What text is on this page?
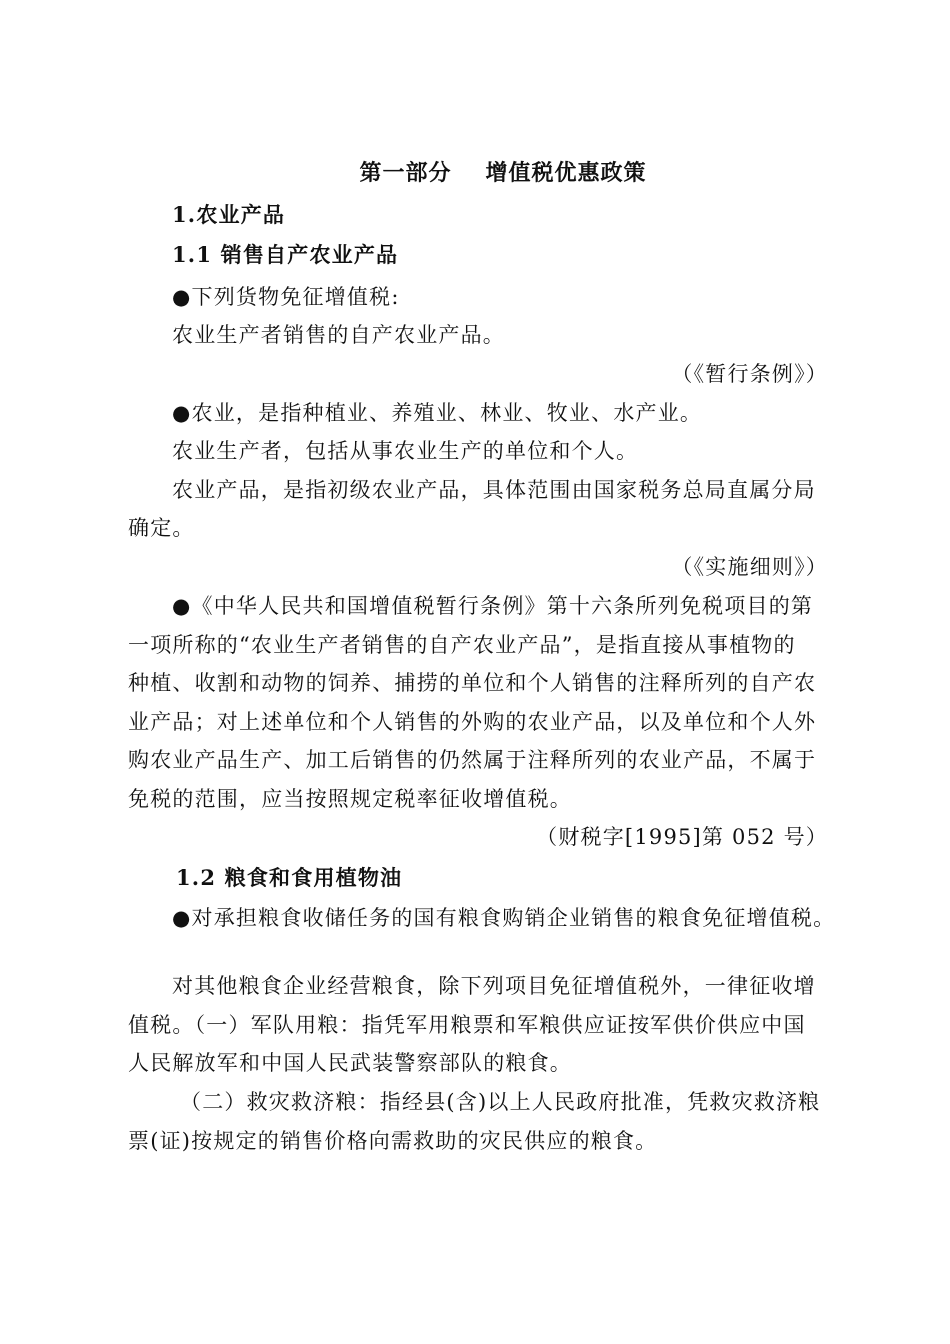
第一部分 增值税优惠政策
1.农业产品
1.1 销售自产农业产品
●下列货物免征增值税:
农业生产者销售的自产农业产品。
（《暂行条例》）
●农业，是指种植业、养殖业、林业、牧业、水产业。
农业生产者，包括从事农业生产的单位和个人。
农业产品，是指初级农业产品，具体范围由国家税务总局直属分局
确定。
（《实施细则》）
●《中华人民共和国增值税暂行条例》第十六条所列免税项目的第
一项所称的“农业生产者销售的自产农业产品”，是指直接从事植物的
种植、收割和动物的饲养、捕捞的单位和个人销售的注释所列的自产农
业产品；对上述单位和个人销售的外购的农业产品，以及单位和个人外
购农业产品生产、加工后销售的仍然属于注释所列的农业产品，不属于
免税的范围，应当按照规定税率征收增值税。
（财税字[1995]第 052 号）
1.2 粮食和食用植物油
●对承担粮食收储任务的国有粮食购销企业销售的粮食免征增值税。
对其他粮食企业经营粮食，除下列项目免征增值税外，一律征收增
值税。（一）军队用粮：指凭军用粮票和军粮供应证按军供价供应中国
人民解放军和中国人民武装警察部队的粮食。
（二）救灾救济粮：指经县(含)以上人民政府批准，凭救灾救济粮
票(证)按规定的销售价格向需救助的灾民供应的粮食。
